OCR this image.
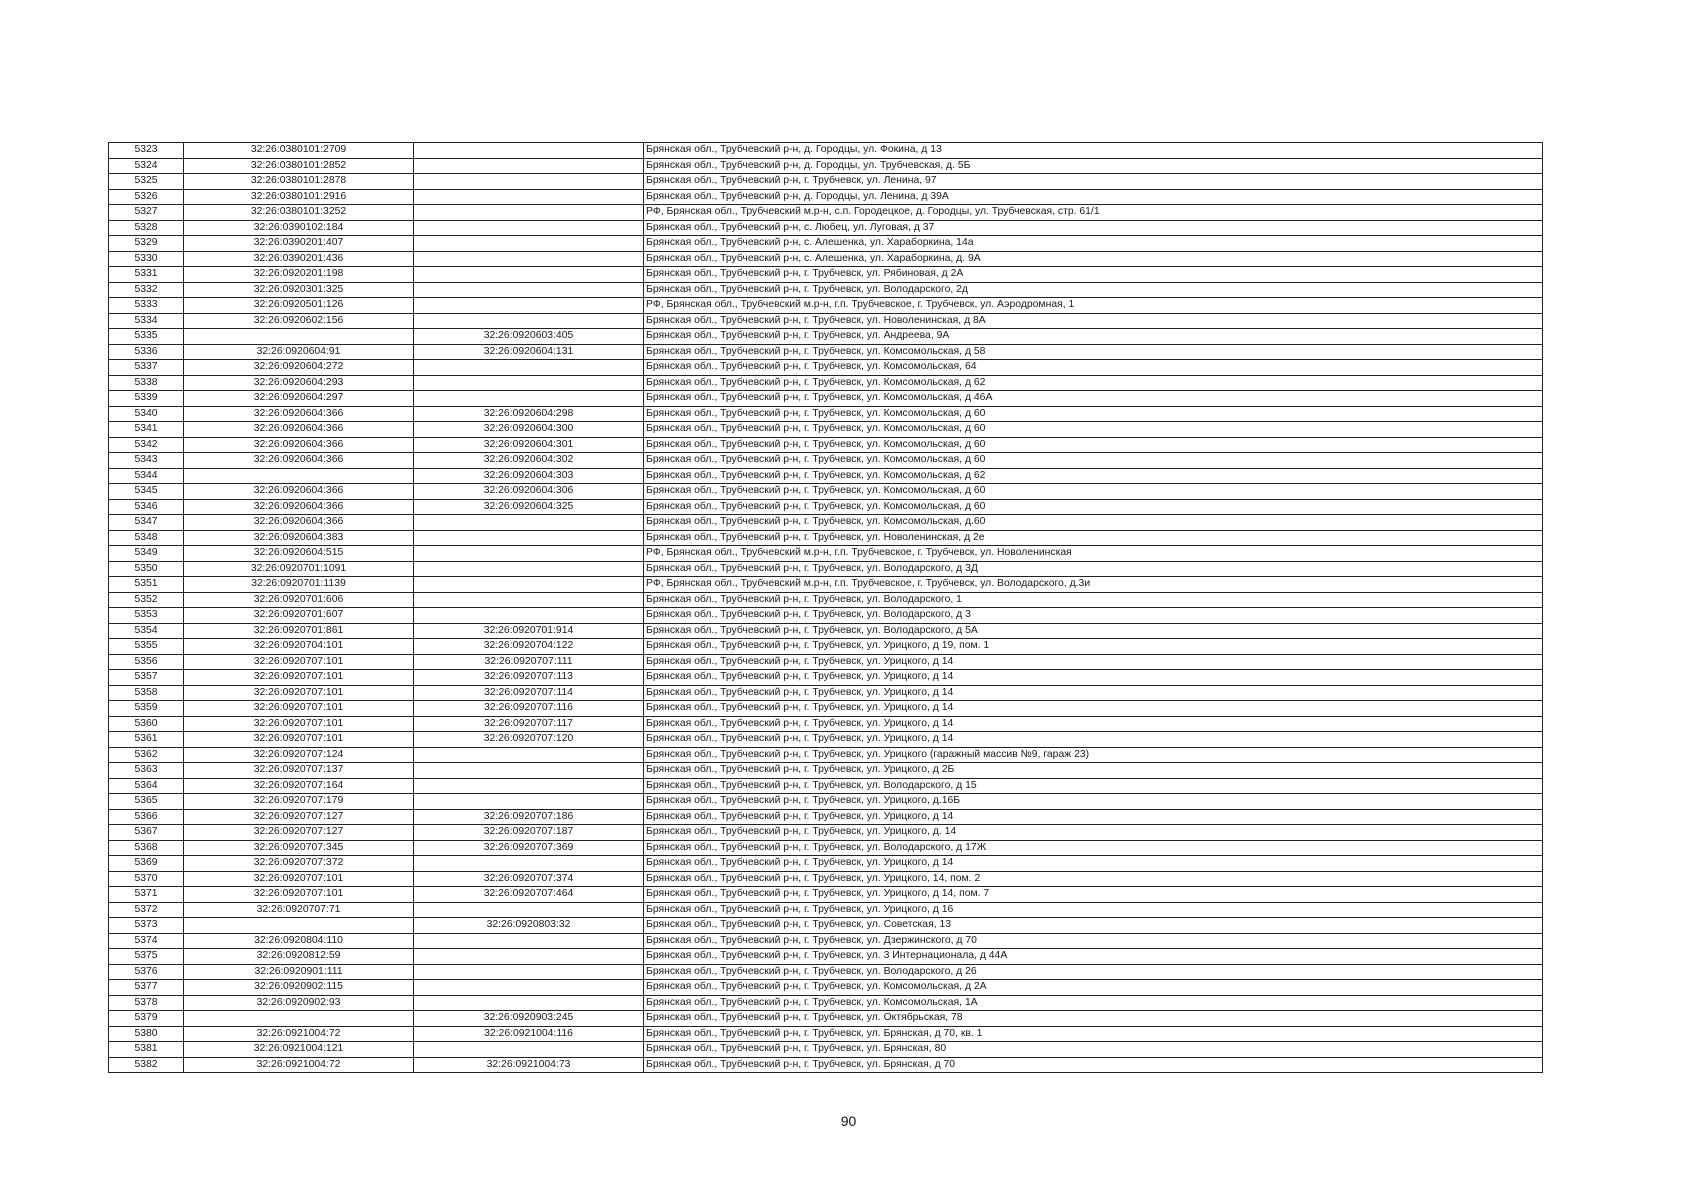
5323	32:26:0380101:2709		Брянская обл., Трубчевский р-н, д. Городцы, ул. Фокина, д 13
5324	32:26:0380101:2852		Брянская обл., Трубчевский р-н, д. Городцы, ул. Трубчевская, д. 5Б
5325	32:26:0380101:2878		Брянская обл., Трубчевский р-н, г. Трубчевск, ул. Ленина, 97
5326	32:26:0380101:2916		Брянская обл., Трубчевский р-н, д. Городцы, ул. Ленина, д 39А
5327	32:26:0380101:3252		РФ, Брянская обл., Трубчевский м.р-н, с.п. Городецкое, д. Городцы, ул. Трубчевская, стр. 61/1
5328	32:26:0390102:184		Брянская обл., Трубчевский р-н, с. Любец, ул. Луговая, д 37
5329	32:26:0390201:407		Брянская обл., Трубчевский р-н, с. Алешенка, ул. Хараборкина, 14а
5330	32:26:0390201:436		Брянская обл., Трубчевский р-н, с. Алешенка, ул. Хараборкина, д. 9А
5331	32:26:0920201:198		Брянская обл., Трубчевский р-н, г. Трубчевск, ул. Рябиновая, д 2А
5332	32:26:0920301:325		Брянская обл., Трубчевский р-н, г. Трубчевск, ул. Володарского, 2д
5333	32:26:0920501:126		РФ, Брянская обл., Трубчевский м.р-н, г.п. Трубчевское, г. Трубчевск, ул. Аэродромная, 1
5334	32:26:0920602:156		Брянская обл., Трубчевский р-н, г. Трубчевск, ул. Новоленинская, д 8А
5335		32:26:0920603:405	Брянская обл., Трубчевский р-н, г. Трубчевск, ул. Андреева, 9А
5336	32:26:0920604:91	32:26:0920604:131	Брянская обл., Трубчевский р-н, г. Трубчевск, ул. Комсомольская, д 58
5337	32:26:0920604:272		Брянская обл., Трубчевский р-н, г. Трубчевск, ул. Комсомольская, 64
5338	32:26:0920604:293		Брянская обл., Трубчевский р-н, г. Трубчевск, ул. Комсомольская, д 62
5339	32:26:0920604:297		Брянская обл., Трубчевский р-н, г. Трубчевск, ул. Комсомольская, д 46А
5340	32:26:0920604:366	32:26:0920604:298	Брянская обл., Трубчевский р-н, г. Трубчевск, ул. Комсомольская, д 60
5341	32:26:0920604:366	32:26:0920604:300	Брянская обл., Трубчевский р-н, г. Трубчевск, ул. Комсомольская, д 60
5342	32:26:0920604:366	32:26:0920604:301	Брянская обл., Трубчевский р-н, г. Трубчевск, ул. Комсомольская, д 60
5343	32:26:0920604:366	32:26:0920604:302	Брянская обл., Трубчевский р-н, г. Трубчевск, ул. Комсомольская, д 60
5344		32:26:0920604:303	Брянская обл., Трубчевский р-н, г. Трубчевск, ул. Комсомольская, д 62
5345	32:26:0920604:366	32:26:0920604:306	Брянская обл., Трубчевский р-н, г. Трубчевск, ул. Комсомольская, д 60
5346	32:26:0920604:366	32:26:0920604:325	Брянская обл., Трубчевский р-н, г. Трубчевск, ул. Комсомольская, д 60
5347	32:26:0920604:366		Брянская обл., Трубчевский р-н, г. Трубчевск, ул. Комсомольская, д.60
5348	32:26:0920604:383		Брянская обл., Трубчевский р-н, г. Трубчевск, ул. Новоленинская, д 2е
5349	32:26:0920604:515		РФ, Брянская обл., Трубчевский м.р-н, г.п. Трубчевское, г. Трубчевск, ул. Новоленинская
5350	32:26:0920701:1091		Брянская обл., Трубчевский р-н, г. Трубчевск, ул. Володарского, д 3Д
5351	32:26:0920701:1139		РФ, Брянская обл., Трубчевский м.р-н, г.п. Трубчевское, г. Трубчевск, ул. Володарского, д.3и
5352	32:26:0920701:606		Брянская обл., Трубчевский р-н, г. Трубчевск, ул. Володарского, 1
5353	32:26:0920701:607		Брянская обл., Трубчевский р-н, г. Трубчевск, ул. Володарского, д 3
5354	32:26:0920701:861	32:26:0920701:914	Брянская обл., Трубчевский р-н, г. Трубчевск, ул. Володарского, д 5А
5355	32:26:0920704:101	32:26:0920704:122	Брянская обл., Трубчевский р-н, г. Трубчевск, ул. Урицкого, д 19, пом. 1
5356	32:26:0920707:101	32:26:0920707:111	Брянская обл., Трубчевский р-н, г. Трубчевск, ул. Урицкого, д 14
5357	32:26:0920707:101	32:26:0920707:113	Брянская обл., Трубчевский р-н, г. Трубчевск, ул. Урицкого, д 14
5358	32:26:0920707:101	32:26:0920707:114	Брянская обл., Трубчевский р-н, г. Трубчевск, ул. Урицкого, д 14
5359	32:26:0920707:101	32:26:0920707:116	Брянская обл., Трубчевский р-н, г. Трубчевск, ул. Урицкого, д 14
5360	32:26:0920707:101	32:26:0920707:117	Брянская обл., Трубчевский р-н, г. Трубчевск, ул. Урицкого, д 14
5361	32:26:0920707:101	32:26:0920707:120	Брянская обл., Трубчевский р-н, г. Трубчевск, ул. Урицкого, д 14
5362	32:26:0920707:124		Брянская обл., Трубчевский р-н, г. Трубчевск, ул. Урицкого (гаражный массив №9, гараж 23)
5363	32:26:0920707:137		Брянская обл., Трубчевский р-н, г. Трубчевск, ул. Урицкого, д 2Б
5364	32:26:0920707:164		Брянская обл., Трубчевский р-н, г. Трубчевск, ул. Володарского, д 15
5365	32:26:0920707:179		Брянская обл., Трубчевский р-н, г. Трубчевск, ул. Урицкого, д.16Б
5366	32:26:0920707:127	32:26:0920707:186	Брянская обл., Трубчевский р-н, г. Трубчевск, ул. Урицкого, д 14
5367	32:26:0920707:127	32:26:0920707:187	Брянская обл., Трубчевский р-н, г. Трубчевск, ул. Урицкого, д. 14
5368	32:26:0920707:345	32:26:0920707:369	Брянская обл., Трубчевский р-н, г. Трубчевск, ул. Володарского, д 17Ж
5369	32:26:0920707:372		Брянская обл., Трубчевский р-н, г. Трубчевск, ул. Урицкого, д 14
5370	32:26:0920707:101	32:26:0920707:374	Брянская обл., Трубчевский р-н, г. Трубчевск, ул. Урицкого, 14, пом. 2
5371	32:26:0920707:101	32:26:0920707:464	Брянская обл., Трубчевский р-н, г. Трубчевск, ул. Урицкого, д 14, пом. 7
5372	32:26:0920707:71		Брянская обл., Трубчевский р-н, г. Трубчевск, ул. Урицкого, д 16
5373		32:26:0920803:32	Брянская обл., Трубчевский р-н, г. Трубчевск, ул. Советская, 13
5374	32:26:0920804:110		Брянская обл., Трубчевский р-н, г. Трубчевск, ул. Дзержинского, д 70
5375	32:26:0920812:59		Брянская обл., Трубчевский р-н, г. Трубчевск, ул. 3 Интернационала, д 44А
5376	32:26:0920901:111		Брянская обл., Трубчевский р-н, г. Трубчевск, ул. Володарского, д 26
5377	32:26:0920902:115		Брянская обл., Трубчевский р-н, г. Трубчевск, ул. Комсомольская, д 2А
5378	32:26:0920902:93		Брянская обл., Трубчевский р-н, г. Трубчевск, ул. Комсомольская, 1А
5379		32:26:0920903:245	Брянская обл., Трубчевский р-н, г. Трубчевск, ул. Октябрьская, 78
5380	32:26:0921004:72	32:26:0921004:116	Брянская обл., Трубчевский р-н, г. Трубчевск, ул. Брянская, д 70, кв. 1
5381	32:26:0921004:121		Брянская обл., Трубчевский р-н, г. Трубчевск, ул. Брянская, 80
5382	32:26:0921004:72	32:26:0921004:73	Брянская обл., Трубчевский р-н, г. Трубчевск, ул. Брянская, д 70
90
